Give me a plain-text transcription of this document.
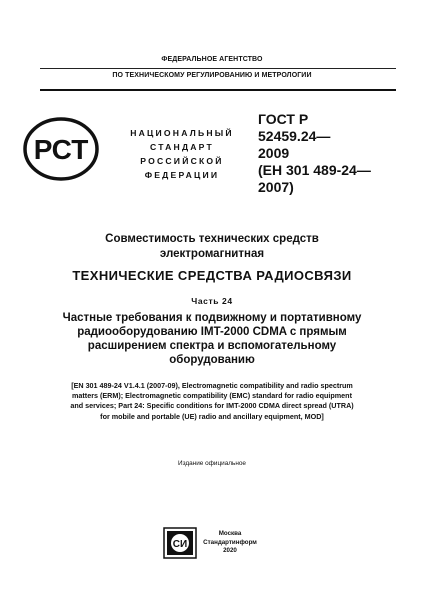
ФЕДЕРАЛЬНОЕ АГЕНТСТВО
ПО ТЕХНИЧЕСКОМУ РЕГУЛИРОВАНИЮ И МЕТРОЛОГИИ
РСТ
НАЦИОНАЛЬНЫЙ
СТАНДАРТ
РОССИЙСКОЙ
ФЕДЕРАЦИИ
ГОСТ Р
52459.24—
2009
(ЕН 301 489-24—
2007)
Совместимость технических средств
электромагнитная
ТЕХНИЧЕСКИЕ СРЕДСТВА РАДИОСВЯЗИ
Часть 24
Частные требования к подвижному и портативному
радиооборудованию IMT-2000 CDMA с прямым
расширением спектра и вспомогательному
оборудованию
[EN 301 489-24 V1.4.1 (2007-09), Electromagnetic compatibility and radio spectrum
matters (ERM); Electromagnetic compatibility (EMC) standard for radio equipment
and services; Part 24: Specific conditions for IMT-2000 CDMA direct spread (UTRA)
for mobile and portable (UE) radio and ancillary equipment, MOD]
Издание официальное
СИ
Москва
Стандартинформ
2020
